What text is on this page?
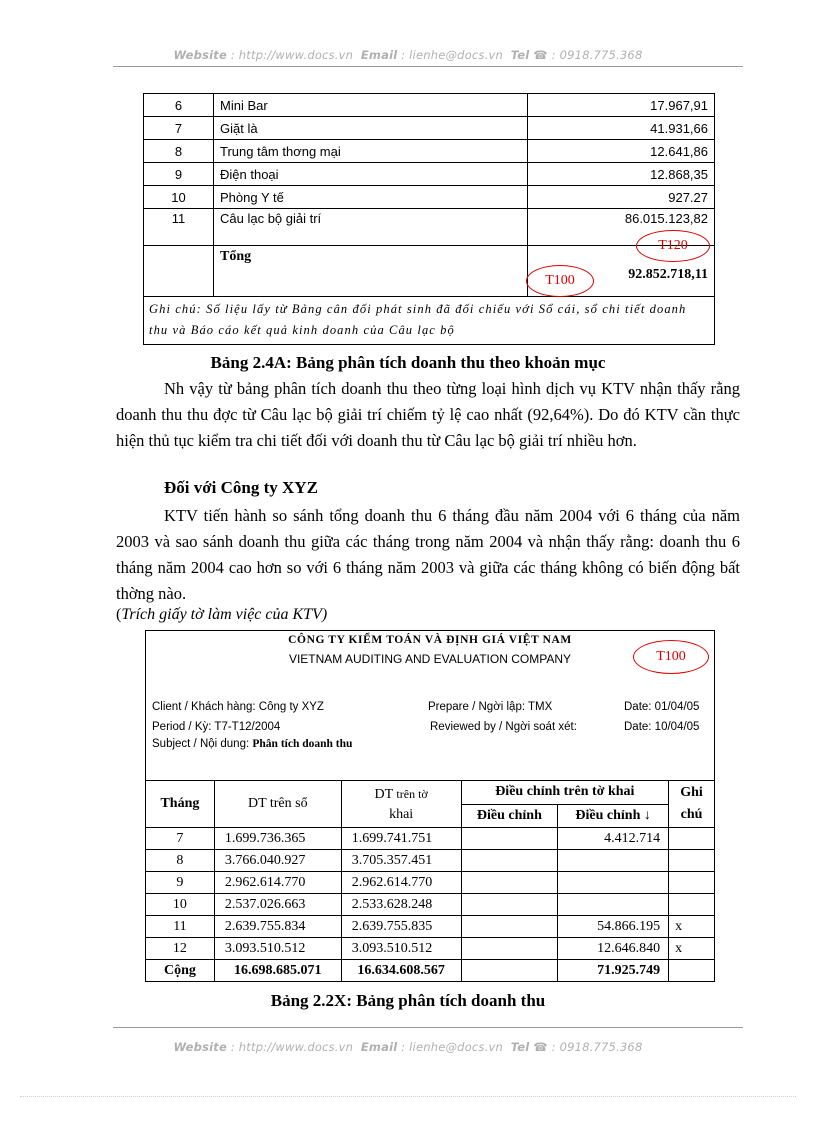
Website : http://www.docs.vn Email : lienhe@docs.vn Tel ☎ : 0918.775.368
6	Mini Bar	17.967,91
7	Giặt là	41.931,66
8	Trung tâm thơng mại	12.641,86
9	Điện thoại	12.868,35
10	Phòng Y tế	927.27
11	Câu lạc bộ giải trí	86.015.123,82
	Tổng	92.852.718,11
Ghi chú: Số liệu lấy từ Bảng cân đối phát sinh đã đối chiếu với Sổ cái, sổ chi tiết doanh thu và Báo cáo kết quả kinh doanh của Câu lạc bộ		
T120
T100
Bảng 2.4A: Bảng phân tích doanh thu theo khoản mục

Nh vậy từ bảng phân tích doanh thu theo từng loại hình dịch vụ KTV nhận thấy rằng doanh thu thu đợc từ Câu lạc bộ giải trí chiếm tỷ lệ cao nhất (92,64%). Do đó KTV cần thực hiện thủ tục kiểm tra chi tiết đối với doanh thu từ Câu lạc bộ giải trí nhiều hơn.

Đối với Công ty XYZ

KTV tiến hành so sánh tổng doanh thu 6 tháng đầu năm 2004 với 6 tháng của năm 2003 và sao sánh doanh thu giữa các tháng trong năm 2004 và nhận thấy rằng: doanh thu 6 tháng năm 2004 cao hơn so với 6 tháng năm 2003 và giữa các tháng không có biến động bất thờng nào.

(Trích giấy tờ làm việc của KTV)
CÔNG TY KIỂM TOÁN VÀ ĐỊNH GIÁ VIỆT NAM
VIETNAM AUDITING AND EVALUATION COMPANY	T100
Client / Khách hàng: Công ty XYZ
Period / Kỳ: T7-T12/2004
Subject / Nội dung: Phân tích doanh thu
Prepare / Ngời lập: TMX
Reviewed by / Ngời soát xét:
Date: 01/04/05
Date: 10/04/05
Tháng	DT trên sổ	DT trên tờ
khai	Điều chỉnh trên tờ khai		Ghi
chú
			Điều chỉnh	Điều chỉnh ↓	
7	1.699.736.365	1.699.741.751		4.412.714	
8	3.766.040.927	3.705.357.451			
9	2.962.614.770	2.962.614.770			
10	2.537.026.663	2.533.628.248			
11	2.639.755.834	2.639.755.835		54.866.195	x
12	3.093.510.512	3.093.510.512		12.646.840	x
Cộng	16.698.685.071	16.634.608.567		71.925.749	
Bảng 2.2X: Bảng phân tích doanh thu
Website : http://www.docs.vn Email : lienhe@docs.vn Tel ☎ : 0918.775.368
